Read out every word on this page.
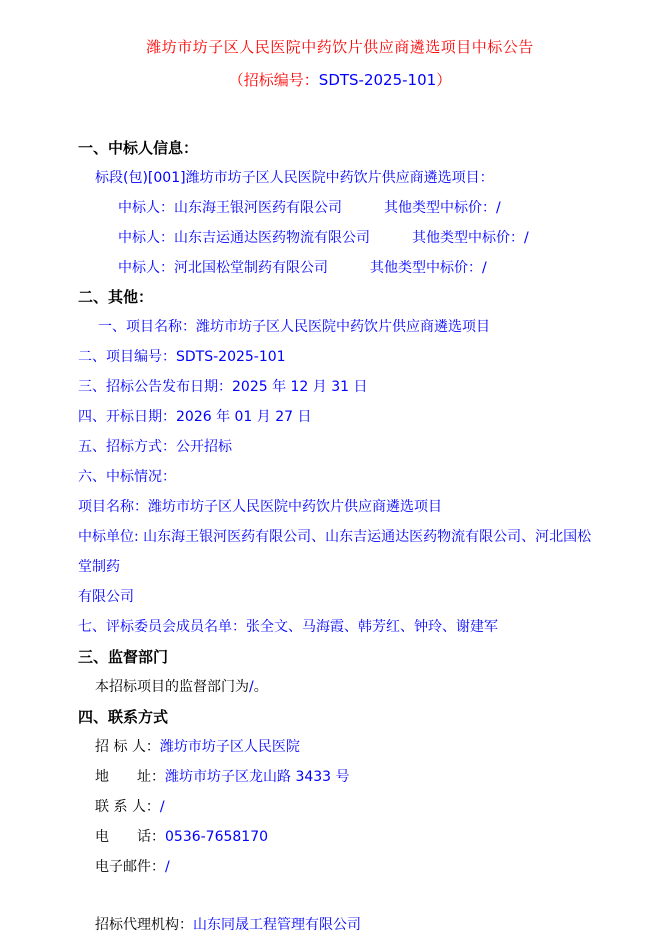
潍坊市坊子区人民医院中药饮片供应商遴选项目中标公告
（招标编号：SDTS-2025-101）

一、中标人信息：

标段(包)[001]潍坊市坊子区人民医院中药饮片供应商遴选项目：

中标人：山东海王银河医药有限公司　　　其他类型中标价：/

中标人：山东吉运通达医药物流有限公司　　　其他类型中标价：/

中标人：河北国松堂制药有限公司　　　其他类型中标价：/

二、其他：

一、项目名称：潍坊市坊子区人民医院中药饮片供应商遴选项目

二、项目编号：SDTS-2025-101

三、招标公告发布日期：2025 年 12 月 31 日

四、开标日期：2026 年 01 月 27 日

五、招标方式：公开招标

六、中标情况：

项目名称：潍坊市坊子区人民医院中药饮片供应商遴选项目

中标单位: 山东海王银河医药有限公司、山东吉运通达医药物流有限公司、河北国松堂制药

有限公司

七、评标委员会成员名单：张全文、马海霞、韩芳红、钟玲、谢建军

三、监督部门

本招标项目的监督部门为/。

四、联系方式

招 标 人：潍坊市坊子区人民医院

地　　址：潍坊市坊子区龙山路 3433 号

联 系 人：/

电　　话：0536-7658170

电子邮件：/

招标代理机构：山东同晟工程管理有限公司
